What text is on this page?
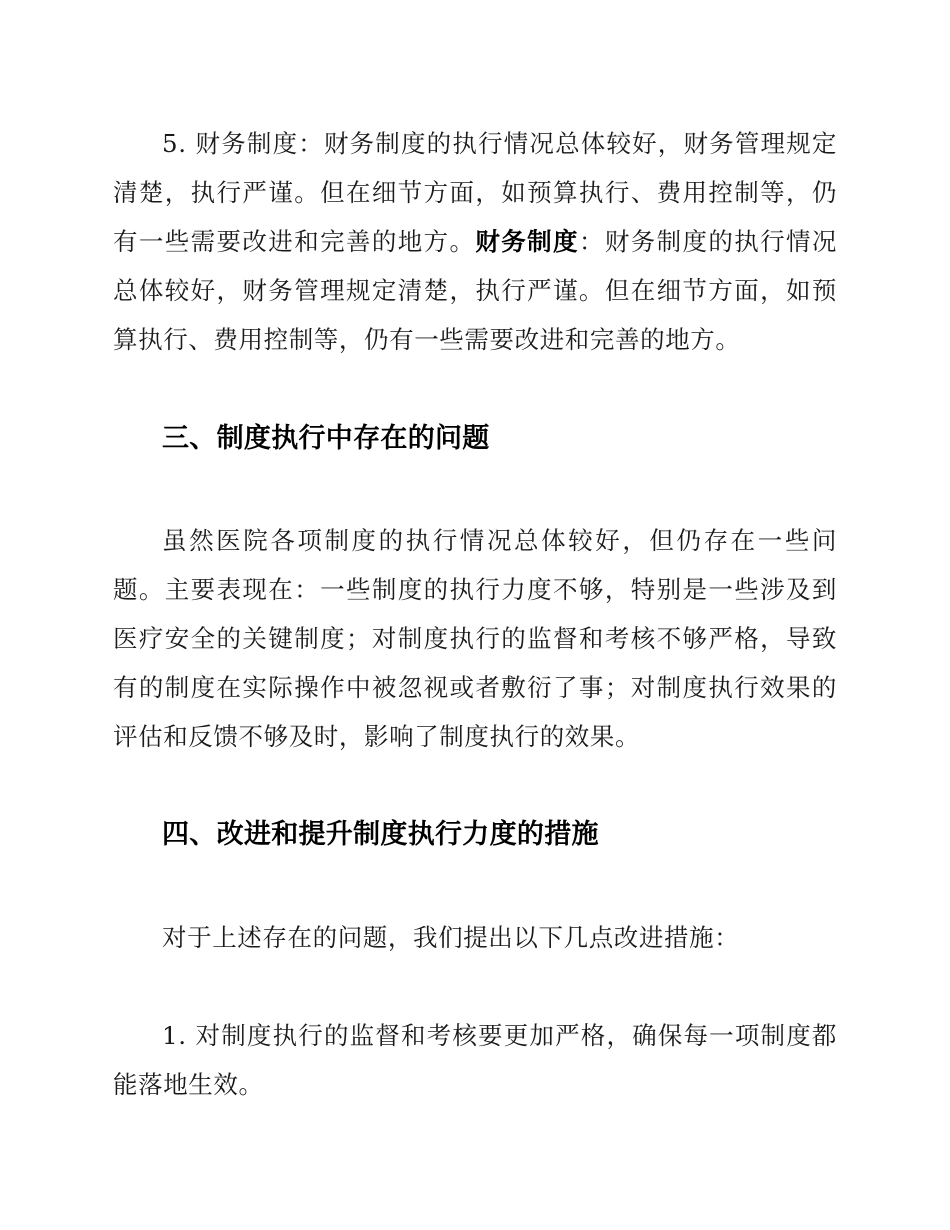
5. 财务制度：财务制度的执行情况总体较好，财务管理规定清楚，执行严谨。但在细节方面，如预算执行、费用控制等，仍有一些需要改进和完善的地方。财务制度：财务制度的执行情况总体较好，财务管理规定清楚，执行严谨。但在细节方面，如预算执行、费用控制等，仍有一些需要改进和完善的地方。

三、制度执行中存在的问题

虽然医院各项制度的执行情况总体较好，但仍存在一些问题。主要表现在：一些制度的执行力度不够，特别是一些涉及到医疗安全的关键制度；对制度执行的监督和考核不够严格，导致有的制度在实际操作中被忽视或者敷衍了事；对制度执行效果的评估和反馈不够及时，影响了制度执行的效果。

四、改进和提升制度执行力度的措施

对于上述存在的问题，我们提出以下几点改进措施：

1. 对制度执行的监督和考核要更加严格，确保每一项制度都能落地生效。
